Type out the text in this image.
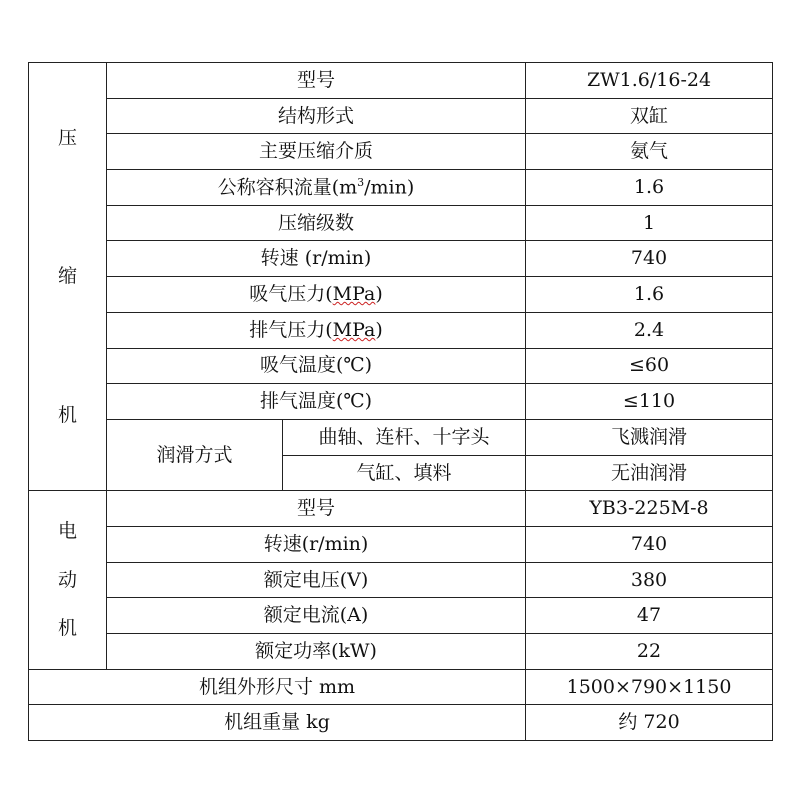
压
缩
机	型号		ZW1.6/16-24
	结构形式		双缸
	主要压缩介质		氨气
	公称容积流量$(m^3/\min)$		1.6
	压缩级数		1
	转速 (r/min)		740
	吸气压力(MPa)		1.6
	排气压力(MPa)		2.4
	吸气温度(℃)		≤60
	排气温度(℃)		≤110
	润滑方式	曲轴、连杆、十字头	飞溅润滑
		气缸、填料	无油润滑

电
动
机	型号		YB3-225M-8
	转速(r/min)		740
	额定电压(V)		380
	额定电流(A)		47
	额定功率(kW)		22
机组外形尺寸 mm			1500×790×1150
机组重量 kg			约 720
